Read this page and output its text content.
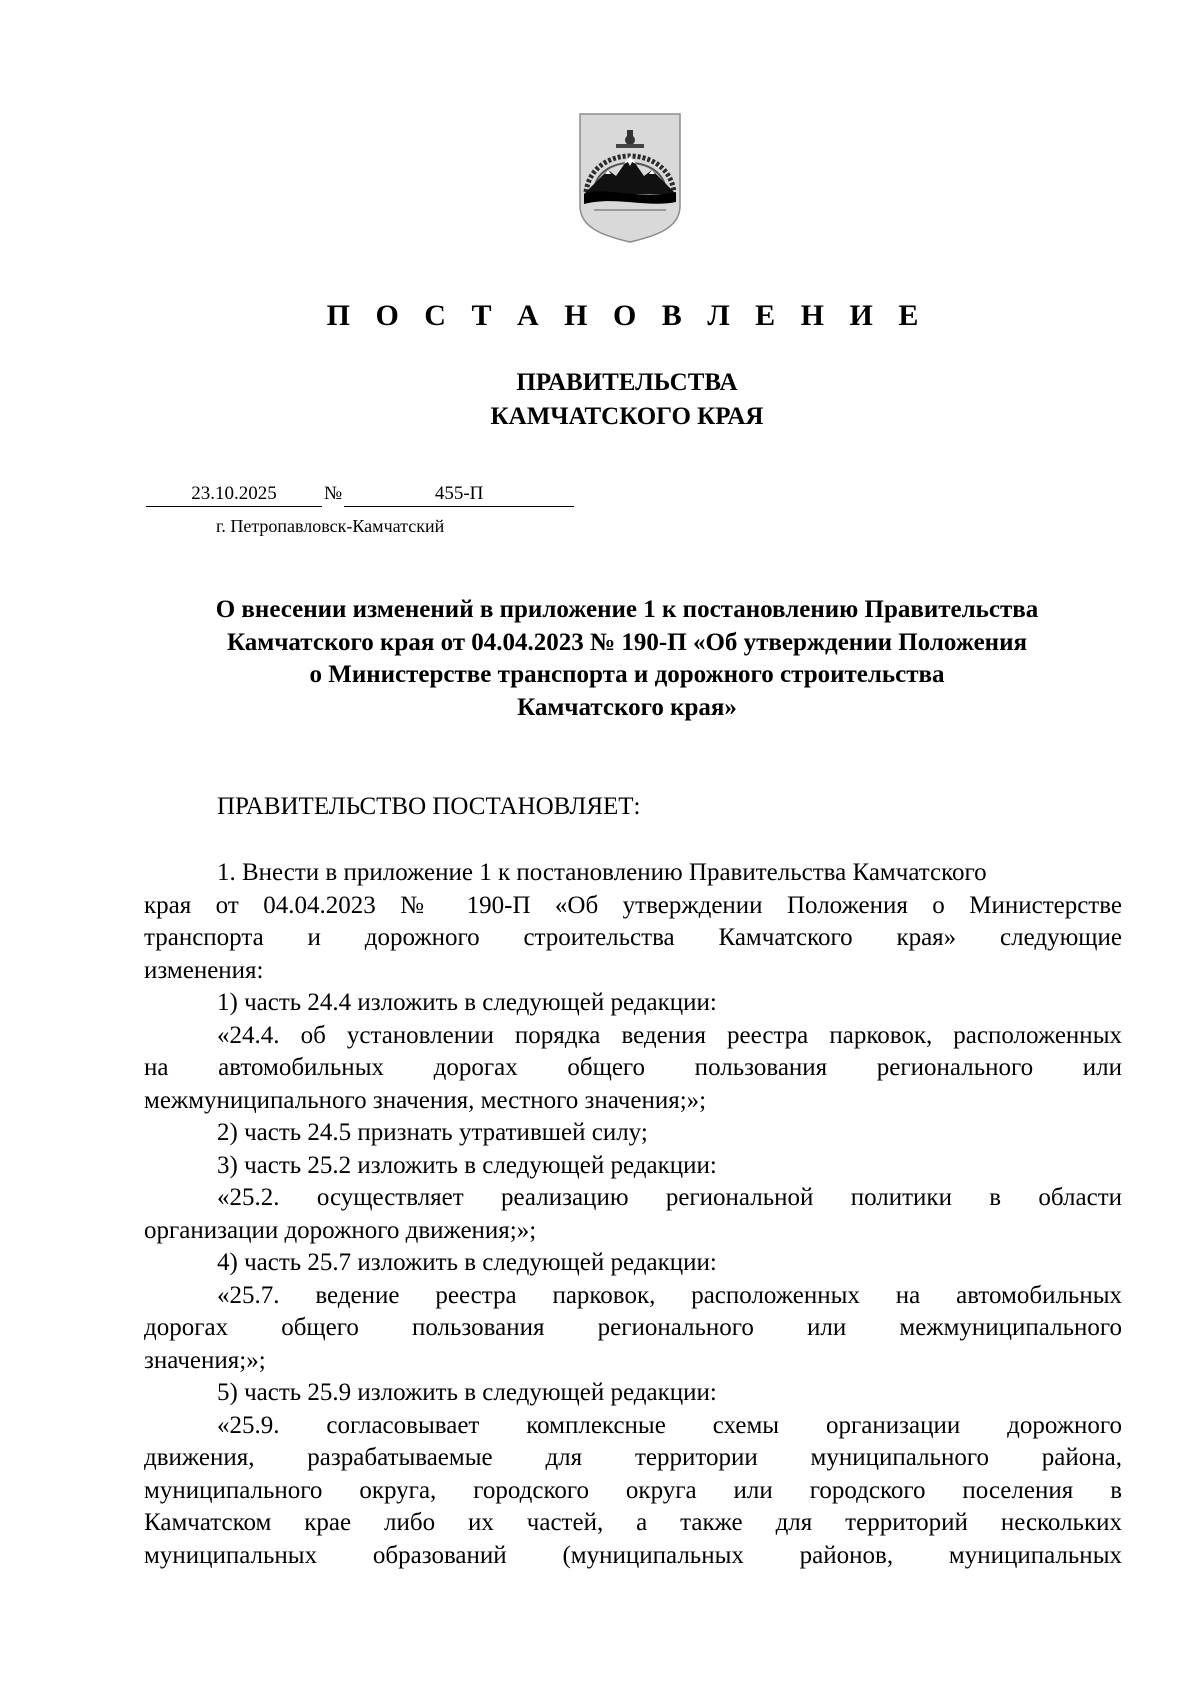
П О С Т А Н О В Л Е Н И Е
ПРАВИТЕЛЬСТВА
КАМЧАТСКОГО КРАЯ
23.10.2025 №	455-П
г. Петропавловск-Камчатский
О внесении изменений в приложение 1 к постановлению Правительства
Камчатского края от 04.04.2023 № 190-П «Об утверждении Положения
о Министерстве транспорта и дорожного строительства
Камчатского края»
ПРАВИТЕЛЬСТВО ПОСТАНОВЛЯЕТ:
1. Внести в приложение 1 к постановлению Правительства Камчатского
края от 04.04.2023 № 190-П «Об утверждении Положения о Министерстве
транспорта и дорожного строительства Камчатского края» следующие
изменения:
1) часть 24.4 изложить в следующей редакции:
«24.4. об установлении порядка ведения реестра парковок, расположенных
на автомобильных дорогах общего пользования регионального или
межмуниципального значения, местного значения;»;
2) часть 24.5 признать утратившей силу;
3) часть 25.2 изложить в следующей редакции:
«25.2. осуществляет реализацию региональной политики в области
организации дорожного движения;»;
4) часть 25.7 изложить в следующей редакции:
«25.7. ведение реестра парковок, расположенных на автомобильных
дорогах общего пользования регионального или межмуниципального
значения;»;
5) часть 25.9 изложить в следующей редакции:
«25.9. согласовывает комплексные схемы организации дорожного
движения, разрабатываемые для территории муниципального района,
муниципального округа, городского округа или городского поселения в
Камчатском крае либо их частей, а также для территорий нескольких
муниципальных образований (муниципальных районов, муниципальных
